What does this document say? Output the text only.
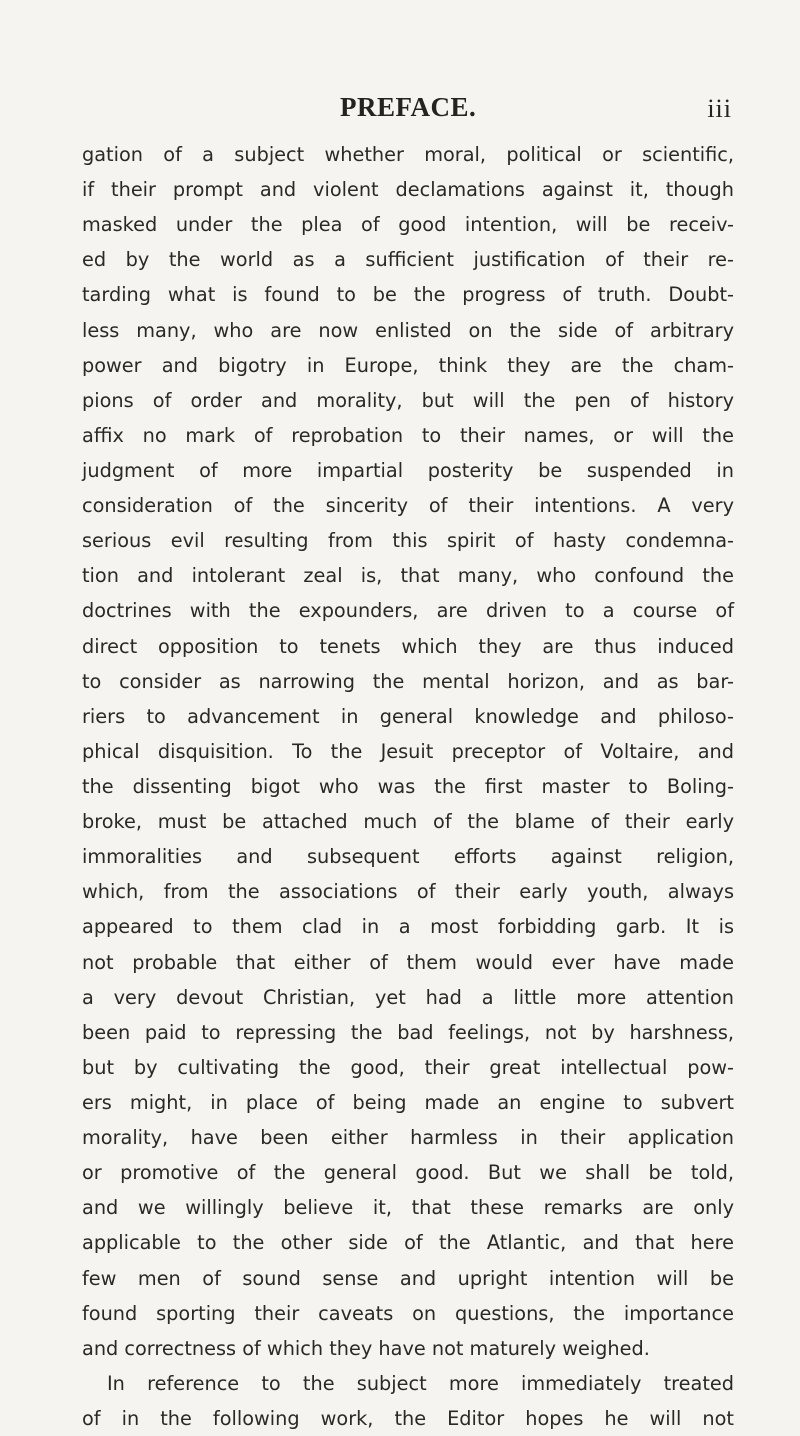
PREFACE.	iii
gation of a subject whether moral, political or scientific,
if their prompt and violent declamations against it, though
masked under the plea of good intention, will be receiv-
ed by the world as a sufficient justification of their re-
tarding what is found to be the progress of truth. Doubt-
less many, who are now enlisted on the side of arbitrary
power and bigotry in Europe, think they are the cham-
pions of order and morality, but will the pen of history
affix no mark of reprobation to their names, or will the
judgment of more impartial posterity be suspended in
consideration of the sincerity of their intentions. A very
serious evil resulting from this spirit of hasty condemna-
tion and intolerant zeal is, that many, who confound the
doctrines with the expounders, are driven to a course of
direct opposition to tenets which they are thus induced
to consider as narrowing the mental horizon, and as bar-
riers to advancement in general knowledge and philoso-
phical disquisition. To the Jesuit preceptor of Voltaire, and
the dissenting bigot who was the first master to Boling-
broke, must be attached much of the blame of their early
immoralities and subsequent efforts against religion,
which, from the associations of their early youth, always
appeared to them clad in a most forbidding garb. It is
not probable that either of them would ever have made
a very devout Christian, yet had a little more attention
been paid to repressing the bad feelings, not by harshness,
but by cultivating the good, their great intellectual pow-
ers might, in place of being made an engine to subvert
morality, have been either harmless in their application
or promotive of the general good. But we shall be told,
and we willingly believe it, that these remarks are only
applicable to the other side of the Atlantic, and that here
few men of sound sense and upright intention will be
found sporting their caveats on questions, the importance
and correctness of which they have not maturely weighed.
In reference to the subject more immediately treated
of in the following work, the Editor hopes he will not
